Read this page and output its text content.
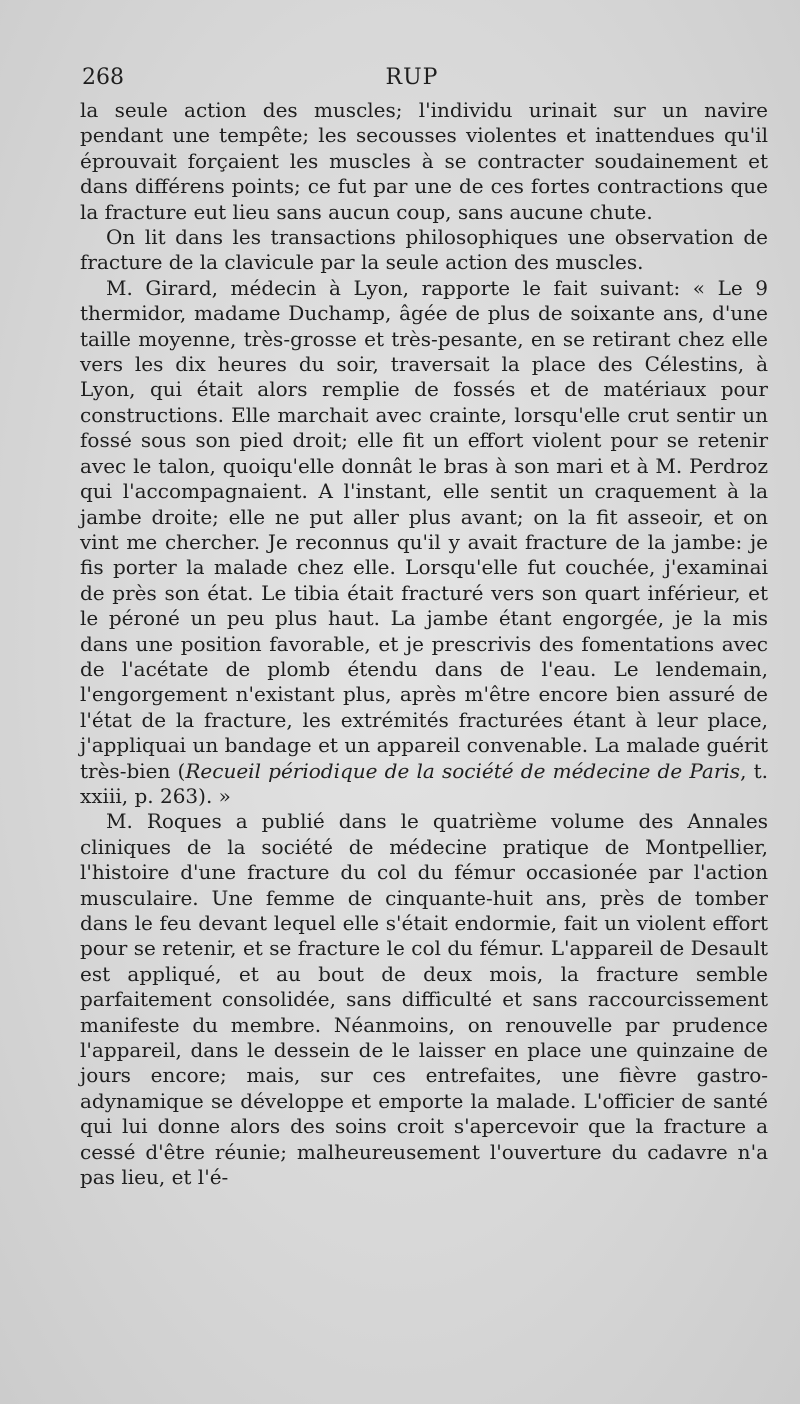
268	RUP

la seule action des muscles; l'individu urinait sur un navire pendant une tempête; les secousses violentes et inattendues qu'il éprouvait forçaient les muscles à se contracter soudainement et dans différens points; ce fut par une de ces fortes contractions que la fracture eut lieu sans aucun coup, sans aucune chute.

On lit dans les transactions philosophiques une observation de fracture de la clavicule par la seule action des muscles.

M. Girard, médecin à Lyon, rapporte le fait suivant: « Le 9 thermidor, madame Duchamp, âgée de plus de soixante ans, d'une taille moyenne, très-grosse et très-pesante, en se retirant chez elle vers les dix heures du soir, traversait la place des Célestins, à Lyon, qui était alors remplie de fossés et de matériaux pour constructions. Elle marchait avec crainte, lorsqu'elle crut sentir un fossé sous son pied droit; elle fit un effort violent pour se retenir avec le talon, quoiqu'elle donnât le bras à son mari et à M. Perdroz qui l'accompagnaient. A l'instant, elle sentit un craquement à la jambe droite; elle ne put aller plus avant; on la fit asseoir, et on vint me chercher. Je reconnus qu'il y avait fracture de la jambe: je fis porter la malade chez elle. Lorsqu'elle fut couchée, j'examinai de près son état. Le tibia était fracturé vers son quart inférieur, et le péroné un peu plus haut. La jambe étant engorgée, je la mis dans une position favorable, et je prescrivis des fomentations avec de l'acétate de plomb étendu dans de l'eau. Le lendemain, l'engorgement n'existant plus, après m'être encore bien assuré de l'état de la fracture, les extrémités fracturées étant à leur place, j'appliquai un bandage et un appareil convenable. La malade guérit très-bien (Recueil périodique de la société de médecine de Paris, t. xxiii, p. 263). »

M. Roques a publié dans le quatrième volume des Annales cliniques de la société de médecine pratique de Montpellier, l'histoire d'une fracture du col du fémur occasionée par l'action musculaire. Une femme de cinquante-huit ans, près de tomber dans le feu devant lequel elle s'était endormie, fait un violent effort pour se retenir, et se fracture le col du fémur. L'appareil de Desault est appliqué, et au bout de deux mois, la fracture semble parfaitement consolidée, sans difficulté et sans raccourcissement manifeste du membre. Néanmoins, on renouvelle par prudence l'appareil, dans le dessein de le laisser en place une quinzaine de jours encore; mais, sur ces entrefaites, une fièvre gastro-adynamique se développe et emporte la malade. L'officier de santé qui lui donne alors des soins croit s'apercevoir que la fracture a cessé d'être réunie; malheureusement l'ouverture du cadavre n'a pas lieu, et l'é-
